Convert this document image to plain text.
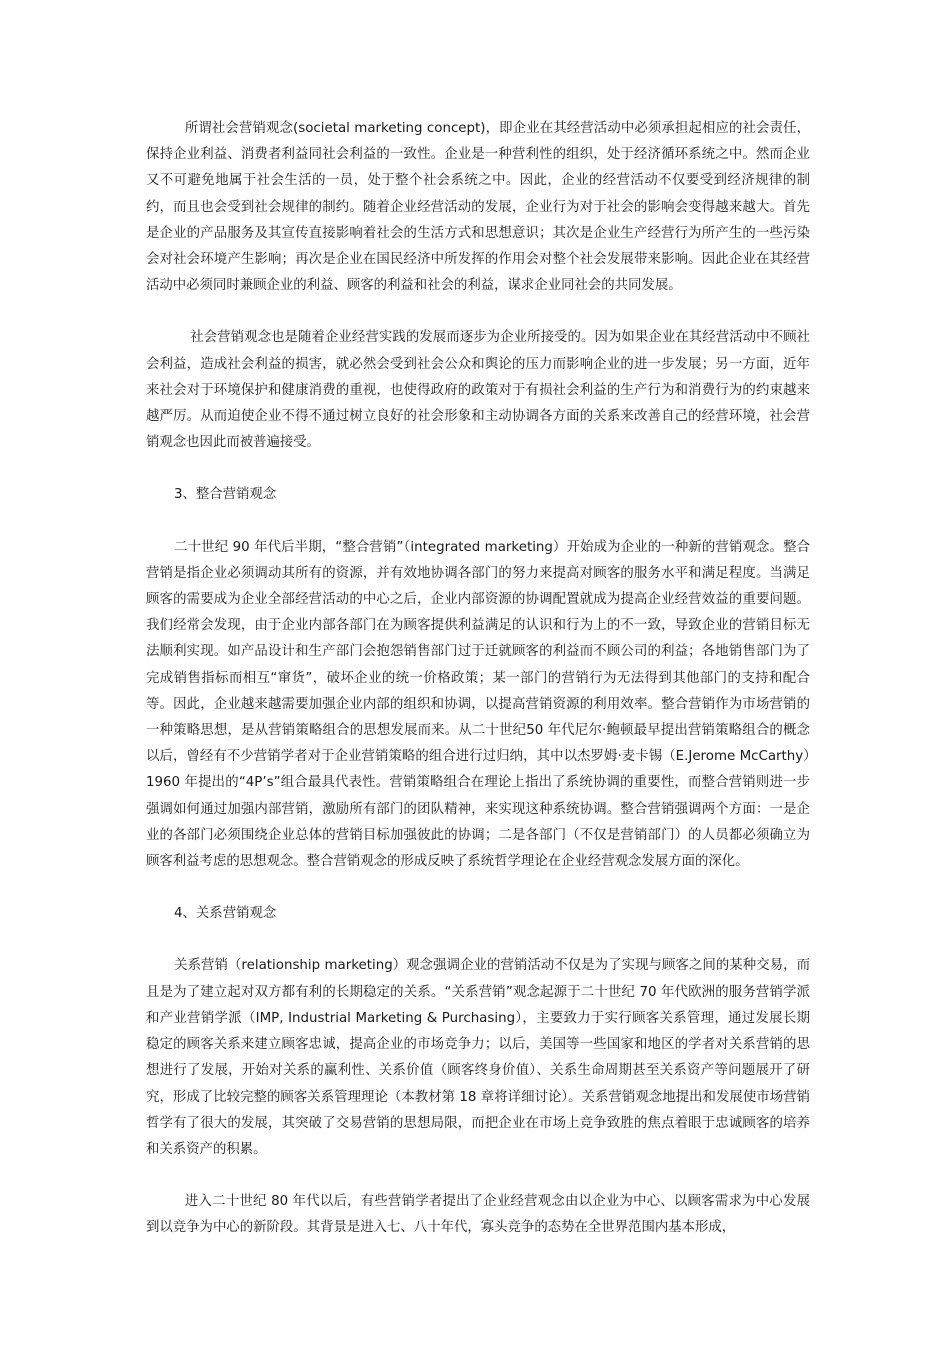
所谓社会营销观念(societal marketing concept)，即企业在其经营活动中必须承担起相应的社会责任，保持企业利益、消费者利益同社会利益的一致性。企业是一种营利性的组织，处于经济循环系统之中。然而企业又不可避免地属于社会生活的一员，处于整个社会系统之中。因此，企业的经营活动不仅要受到经济规律的制约，而且也会受到社会规律的制约。随着企业经营活动的发展，企业行为对于社会的影响会变得越来越大。首先是企业的产品服务及其宣传直接影响着社会的生活方式和思想意识；其次是企业生产经营行为所产生的一些污染会对社会环境产生影响；再次是企业在国民经济中所发挥的作用会对整个社会发展带来影响。因此企业在其经营活动中必须同时兼顾企业的利益、顾客的利益和社会的利益，谋求企业同社会的共同发展。

社会营销观念也是随着企业经营实践的发展而逐步为企业所接受的。因为如果企业在其经营活动中不顾社会利益，造成社会利益的损害，就必然会受到社会公众和舆论的压力而影响企业的进一步发展；另一方面，近年来社会对于环境保护和健康消费的重视，也使得政府的政策对于有损社会利益的生产行为和消费行为的约束越来越严厉。从而迫使企业不得不通过树立良好的社会形象和主动协调各方面的关系来改善自己的经营环境，社会营销观念也因此而被普遍接受。

3、整合营销观念

二十世纪 90 年代后半期，“整合营销”（integrated marketing）开始成为企业的一种新的营销观念。整合营销是指企业必须调动其所有的资源，并有效地协调各部门的努力来提高对顾客的服务水平和满足程度。当满足顾客的需要成为企业全部经营活动的中心之后，企业内部资源的协调配置就成为提高企业经营效益的重要问题。我们经常会发现，由于企业内部各部门在为顾客提供利益满足的认识和行为上的不一致，导致企业的营销目标无法顺利实现。如产品设计和生产部门会抱怨销售部门过于迁就顾客的利益而不顾公司的利益；各地销售部门为了完成销售指标而相互“窜货”，破坏企业的统一价格政策；某一部门的营销行为无法得到其他部门的支持和配合等。因此，企业越来越需要加强企业内部的组织和协调，以提高营销资源的利用效率。整合营销作为市场营销的一种策略思想，是从营销策略组合的思想发展而来。从二十世纪50 年代尼尔·鲍顿最早提出营销策略组合的概念以后，曾经有不少营销学者对于企业营销策略的组合进行过归纳，其中以杰罗姆·麦卡锡（E.Jerome McCarthy）1960 年提出的“4P’s”组合最具代表性。营销策略组合在理论上指出了系统协调的重要性，而整合营销则进一步强调如何通过加强内部营销，激励所有部门的团队精神，来实现这种系统协调。整合营销强调两个方面：一是企业的各部门必须围绕企业总体的营销目标加强彼此的协调；二是各部门（不仅是营销部门）的人员都必须确立为顾客利益考虑的思想观念。整合营销观念的形成反映了系统哲学理论在企业经营观念发展方面的深化。

4、关系营销观念

关系营销（relationship marketing）观念强调企业的营销活动不仅是为了实现与顾客之间的某种交易，而且是为了建立起对双方都有利的长期稳定的关系。“关系营销”观念起源于二十世纪 70 年代欧洲的服务营销学派和产业营销学派（IMP, Industrial Marketing & Purchasing），主要致力于实行顾客关系管理，通过发展长期稳定的顾客关系来建立顾客忠诚，提高企业的市场竞争力；以后，美国等一些国家和地区的学者对关系营销的思想进行了发展，开始对关系的赢利性、关系价值（顾客终身价值）、关系生命周期甚至关系资产等问题展开了研究，形成了比较完整的顾客关系管理理论（本教材第 18 章将详细讨论）。关系营销观念地提出和发展使市场营销哲学有了很大的发展，其突破了交易营销的思想局限，而把企业在市场上竞争致胜的焦点着眼于忠诚顾客的培养和关系资产的积累。

进入二十世纪 80 年代以后，有些营销学者提出了企业经营观念由以企业为中心、以顾客需求为中心发展到以竞争为中心的新阶段。其背景是进入七、八十年代，寡头竞争的态势在全世界范围内基本形成，
